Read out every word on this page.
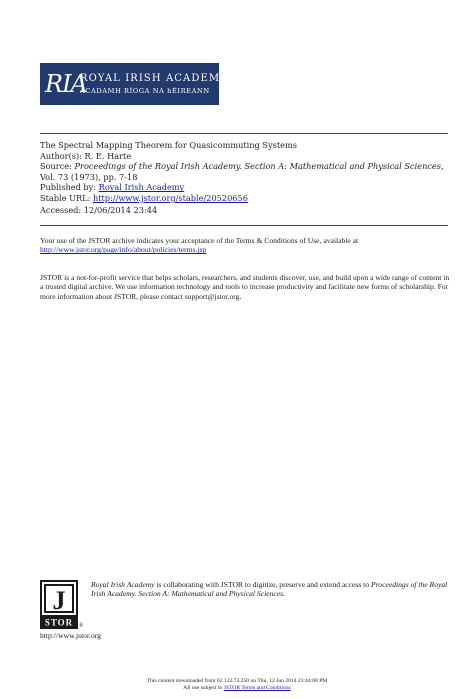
RIA
ROYAL IRISH ACADEMY
ACADAMH RÍOGA NA hÉIREANN
The Spectral Mapping Theorem for Quasicommuting Systems
Author(s): R. E. Harte
Source: Proceedings of the Royal Irish Academy. Section A: Mathematical and Physical Sciences, Vol. 73 (1973), pp. 7-18
Published by: Royal Irish Academy
Stable URL: http://www.jstor.org/stable/20520656
Accessed: 12/06/2014 23:44
Your use of the JSTOR archive indicates your acceptance of the Terms & Conditions of Use, available at
http://www.jstor.org/page/info/about/policies/terms.jsp
JSTOR is a not-for-profit service that helps scholars, researchers, and students discover, use, and build upon a wide range of content in a trusted digital archive. We use information technology and tools to increase productivity and facilitate new forms of scholarship. For more information about JSTOR, please contact support@jstor.org.
J
STOR ®
http://www.jstor.org
Royal Irish Academy is collaborating with JSTOR to digitize, preserve and extend access to Proceedings of the Royal Irish Academy. Section A: Mathematical and Physical Sciences.
This content downloaded from 62.122.73.250 on Thu, 12 Jun 2014 23:44:08 PM
All use subject to JSTOR Terms and Conditions
